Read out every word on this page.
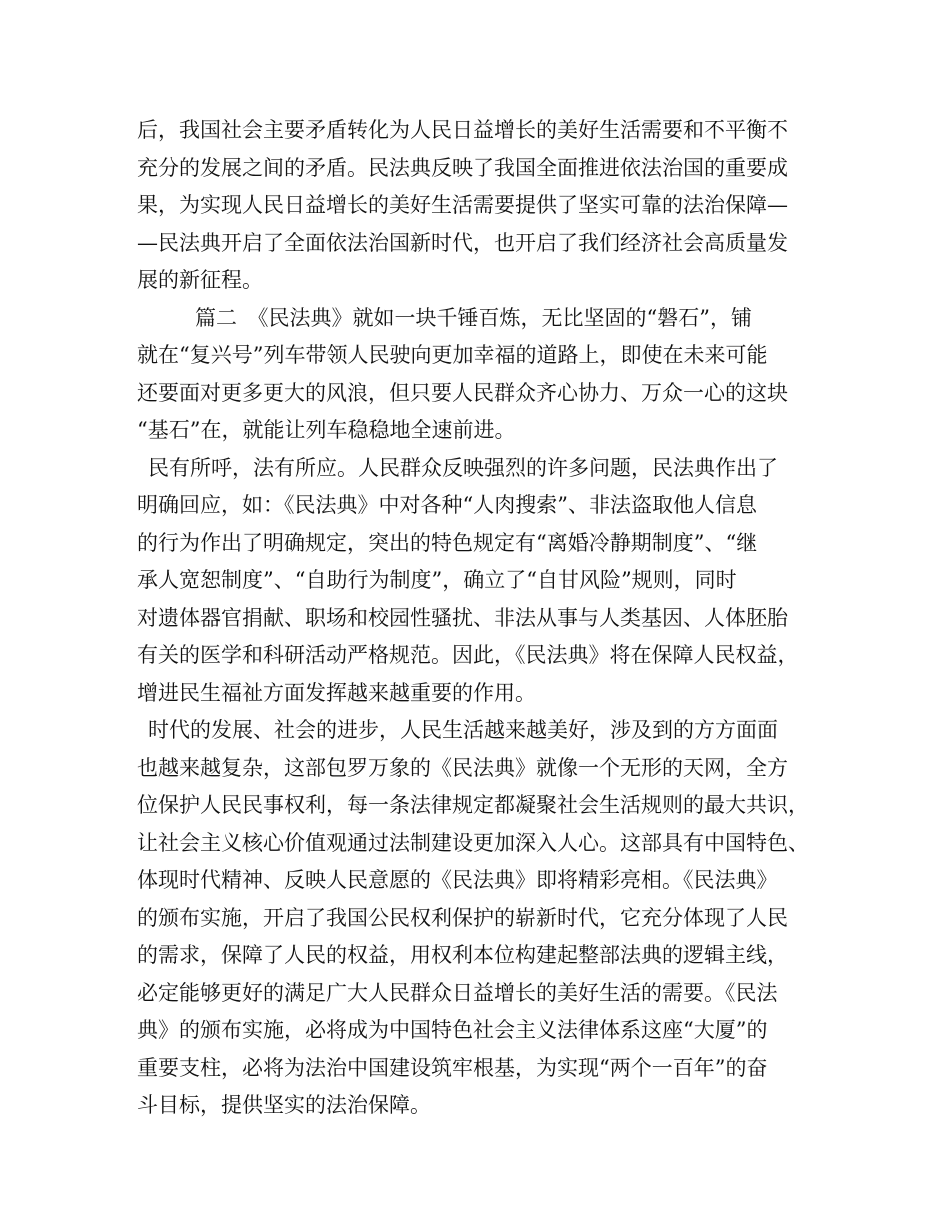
后，我国社会主要矛盾转化为人民日益增长的美好生活需要和不平衡不
充分的发展之间的矛盾。民法典反映了我国全面推进依法治国的重要成
果，为实现人民日益增长的美好生活需要提供了坚实可靠的法治保障—
—民法典开启了全面依法治国新时代，也开启了我们经济社会高质量发
展的新征程。
篇二　《民法典》就如一块千锤百炼，无比坚固的“磐石”，铺
就在“复兴号”列车带领人民驶向更加幸福的道路上，即使在未来可能
还要面对更多更大的风浪，但只要人民群众齐心协力、万众一心的这块
“基石”在，就能让列车稳稳地全速前进。
民有所呼，法有所应。人民群众反映强烈的许多问题，民法典作出了
明确回应，如：《民法典》中对各种“人肉搜索”、非法盗取他人信息
的行为作出了明确规定，突出的特色规定有“离婚冷静期制度”、“继
承人宽恕制度”、“自助行为制度”，确立了“自甘风险”规则，同时
对遗体器官捐献、职场和校园性骚扰、非法从事与人类基因、人体胚胎
有关的医学和科研活动严格规范。因此，《民法典》将在保障人民权益，
增进民生福祉方面发挥越来越重要的作用。
时代的发展、社会的进步，人民生活越来越美好，涉及到的方方面面
也越来越复杂，这部包罗万象的《民法典》就像一个无形的天网，全方
位保护人民民事权利，每一条法律规定都凝聚社会生活规则的最大共识，
让社会主义核心价值观通过法制建设更加深入人心。这部具有中国特色、
体现时代精神、反映人民意愿的《民法典》即将精彩亮相。《民法典》
的颁布实施，开启了我国公民权利保护的崭新时代，它充分体现了人民
的需求，保障了人民的权益，用权利本位构建起整部法典的逻辑主线，
必定能够更好的满足广大人民群众日益增长的美好生活的需要。《民法
典》的颁布实施，必将成为中国特色社会主义法律体系这座“大厦”的
重要支柱，必将为法治中国建设筑牢根基，为实现“两个一百年”的奋
斗目标，提供坚实的法治保障。
